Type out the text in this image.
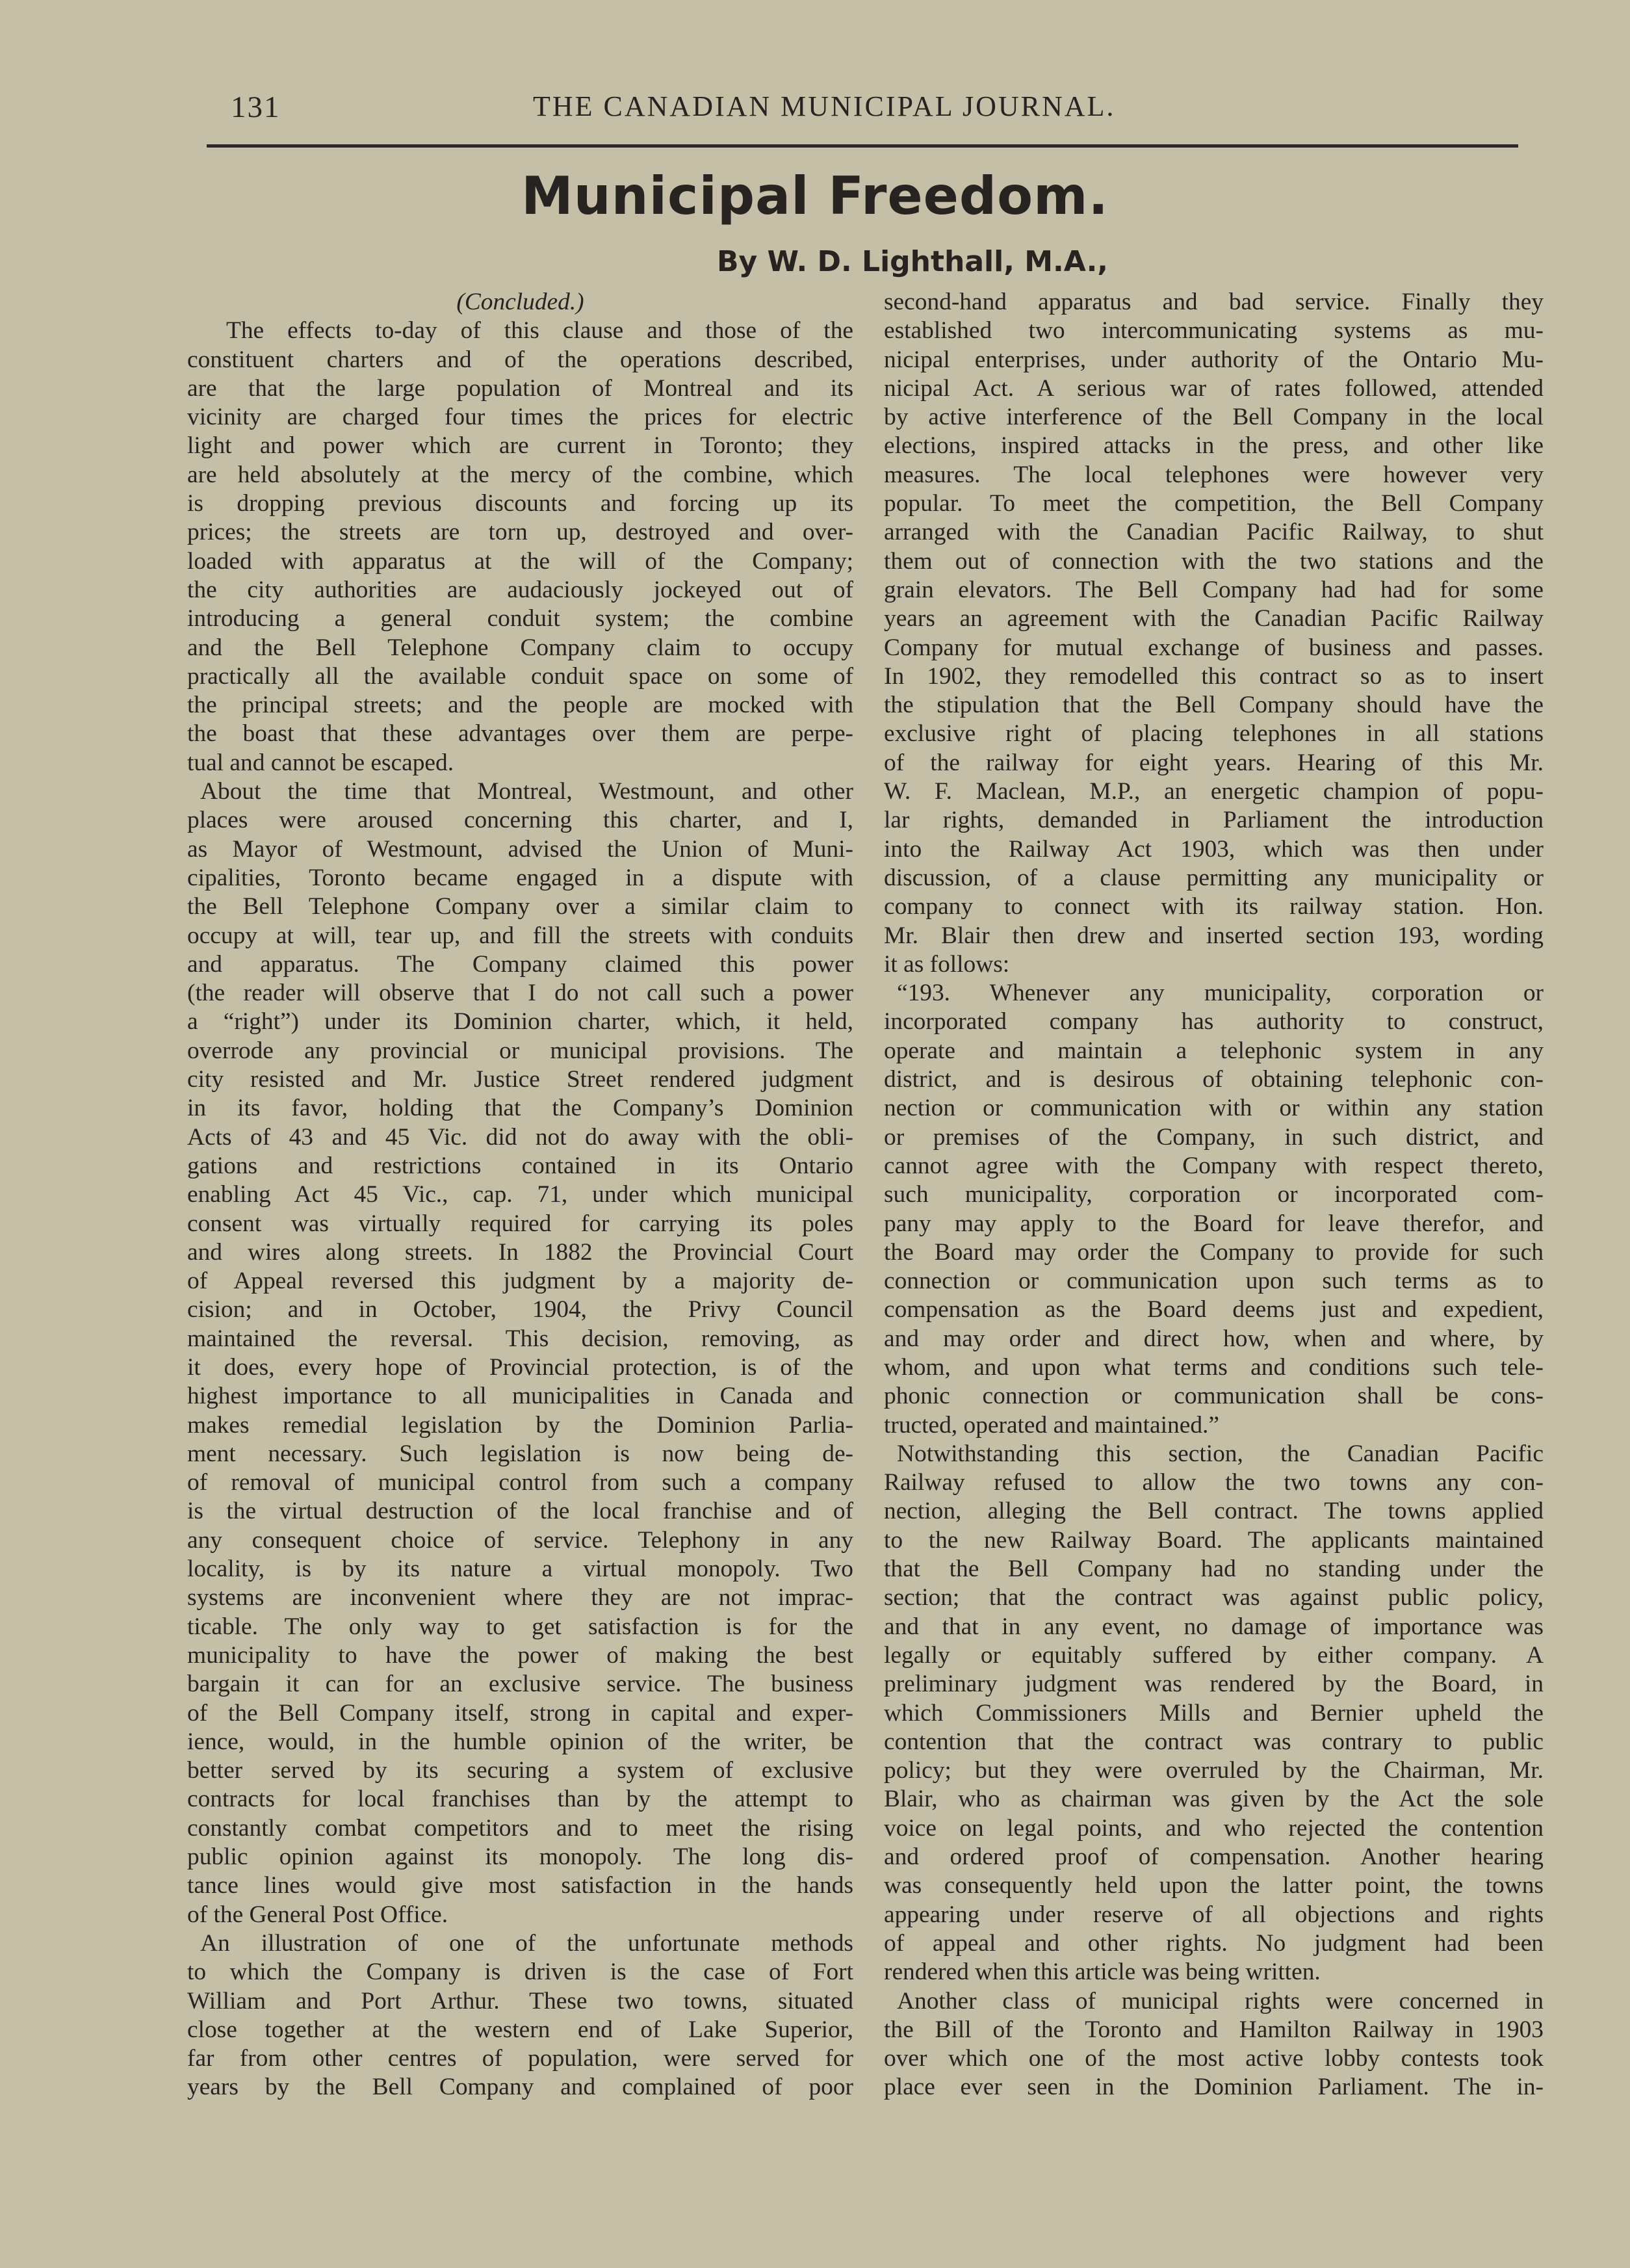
131	THE CANADIAN MUNICIPAL JOURNAL.
Municipal Freedom.
By W. D. Lighthall, M.A.,
(Concluded.)
The effects to-day of this clause and those of the
constituent charters and of the operations described,
are that the large population of Montreal and its
vicinity are charged four times the prices for electric
light and power which are current in Toronto; they
are held absolutely at the mercy of the combine, which
is dropping previous discounts and forcing up its
prices; the streets are torn up, destroyed and over-
loaded with apparatus at the will of the Company;
the city authorities are audaciously jockeyed out of
introducing a general conduit system; the combine
and the Bell Telephone Company claim to occupy
practically all the available conduit space on some of
the principal streets; and the people are mocked with
the boast that these advantages over them are perpe-
tual and cannot be escaped.
About the time that Montreal, Westmount, and other
places were aroused concerning this charter, and I,
as Mayor of Westmount, advised the Union of Muni-
cipalities, Toronto became engaged in a dispute with
the Bell Telephone Company over a similar claim to
occupy at will, tear up, and fill the streets with conduits
and apparatus. The Company claimed this power
(the reader will observe that I do not call such a power
a “right”) under its Dominion charter, which, it held,
overrode any provincial or municipal provisions. The
city resisted and Mr. Justice Street rendered judgment
in its favor, holding that the Company’s Dominion
Acts of 43 and 45 Vic. did not do away with the obli-
gations and restrictions contained in its Ontario
enabling Act 45 Vic., cap. 71, under which municipal
consent was virtually required for carrying its poles
and wires along streets. In 1882 the Provincial Court
of Appeal reversed this judgment by a majority de-
cision; and in October, 1904, the Privy Council
maintained the reversal. This decision, removing, as
it does, every hope of Provincial protection, is of the
highest importance to all municipalities in Canada and
makes remedial legislation by the Dominion Parlia-
ment necessary. Such legislation is now being de-
of removal of municipal control from such a company
is the virtual destruction of the local franchise and of
any consequent choice of service. Telephony in any
locality, is by its nature a virtual monopoly. Two
systems are inconvenient where they are not imprac-
ticable. The only way to get satisfaction is for the
municipality to have the power of making the best
bargain it can for an exclusive service. The business
of the Bell Company itself, strong in capital and exper-
ience, would, in the humble opinion of the writer, be
better served by its securing a system of exclusive
contracts for local franchises than by the attempt to
constantly combat competitors and to meet the rising
public opinion against its monopoly. The long dis-
tance lines would give most satisfaction in the hands
of the General Post Office.
An illustration of one of the unfortunate methods
to which the Company is driven is the case of Fort
William and Port Arthur. These two towns, situated
close together at the western end of Lake Superior,
far from other centres of population, were served for
years by the Bell Company and complained of poor
second-hand apparatus and bad service. Finally they
established two intercommunicating systems as mu-
nicipal enterprises, under authority of the Ontario Mu-
nicipal Act. A serious war of rates followed, attended
by active interference of the Bell Company in the local
elections, inspired attacks in the press, and other like
measures. The local telephones were however very
popular. To meet the competition, the Bell Company
arranged with the Canadian Pacific Railway, to shut
them out of connection with the two stations and the
grain elevators. The Bell Company had had for some
years an agreement with the Canadian Pacific Railway
Company for mutual exchange of business and passes.
In 1902, they remodelled this contract so as to insert
the stipulation that the Bell Company should have the
exclusive right of placing telephones in all stations
of the railway for eight years. Hearing of this Mr.
W. F. Maclean, M.P., an energetic champion of popu-
lar rights, demanded in Parliament the introduction
into the Railway Act 1903, which was then under
discussion, of a clause permitting any municipality or
company to connect with its railway station. Hon.
Mr. Blair then drew and inserted section 193, wording
it as follows:
“193. Whenever any municipality, corporation or
incorporated company has authority to construct,
operate and maintain a telephonic system in any
district, and is desirous of obtaining telephonic con-
nection or communication with or within any station
or premises of the Company, in such district, and
cannot agree with the Company with respect thereto,
such municipality, corporation or incorporated com-
pany may apply to the Board for leave therefor, and
the Board may order the Company to provide for such
connection or communication upon such terms as to
compensation as the Board deems just and expedient,
and may order and direct how, when and where, by
whom, and upon what terms and conditions such tele-
phonic connection or communication shall be cons-
tructed, operated and maintained.”
Notwithstanding this section, the Canadian Pacific
Railway refused to allow the two towns any con-
nection, alleging the Bell contract. The towns applied
to the new Railway Board. The applicants maintained
that the Bell Company had no standing under the
section; that the contract was against public policy,
and that in any event, no damage of importance was
legally or equitably suffered by either company. A
preliminary judgment was rendered by the Board, in
which Commissioners Mills and Bernier upheld the
contention that the contract was contrary to public
policy; but they were overruled by the Chairman, Mr.
Blair, who as chairman was given by the Act the sole
voice on legal points, and who rejected the contention
and ordered proof of compensation. Another hearing
was consequently held upon the latter point, the towns
appearing under reserve of all objections and rights
of appeal and other rights. No judgment had been
rendered when this article was being written.
Another class of municipal rights were concerned in
the Bill of the Toronto and Hamilton Railway in 1903
over which one of the most active lobby contests took
place ever seen in the Dominion Parliament. The in-
